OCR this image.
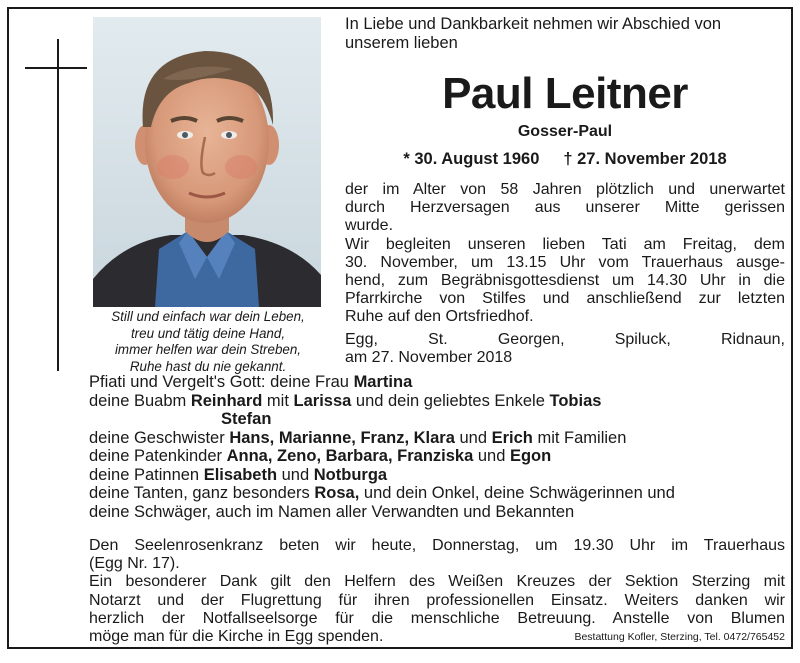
Still und einfach war dein Leben,
treu und tätig deine Hand,
immer helfen war dein Streben,
Ruhe hast du nie gekannt.
In Liebe und Dankbarkeit nehmen wir Abschied von
unserem lieben
Paul Leitner
Gosser-Paul
* 30. August 1960 † 27. November 2018
der im Alter von 58 Jahren plötzlich und unerwartet
durch Herzversagen aus unserer Mitte gerissen
wurde.
Wir begleiten unseren lieben Tati am Freitag, dem
30. November, um 13.15 Uhr vom Trauerhaus ausge-
hend, zum Begräbnisgottesdienst um 14.30 Uhr in die
Pfarrkirche von Stilfes und anschließend zur letzten
Ruhe auf den Ortsfriedhof.
Egg, St. Georgen, Spiluck, Ridnaun,
am 27. November 2018
Pfiati und Vergelt's Gott: deine Frau Martina
deine Buabm Reinhard mit Larissa und dein geliebtes Enkele Tobias
Stefan
deine Geschwister Hans, Marianne, Franz, Klara und Erich mit Familien
deine Patenkinder Anna, Zeno, Barbara, Franziska und Egon
deine Patinnen Elisabeth und Notburga
deine Tanten, ganz besonders Rosa, und dein Onkel, deine Schwägerinnen und
deine Schwäger, auch im Namen aller Verwandten und Bekannten
Den Seelenrosenkranz beten wir heute, Donnerstag, um 19.30 Uhr im Trauerhaus
(Egg Nr. 17).
Ein besonderer Dank gilt den Helfern des Weißen Kreuzes der Sektion Sterzing mit
Notarzt und der Flugrettung für ihren professionellen Einsatz. Weiters danken wir
herzlich der Notfallseelsorge für die menschliche Betreuung. Anstelle von Blumen
möge man für die Kirche in Egg spenden.	Bestattung Kofler, Sterzing, Tel. 0472/765452
